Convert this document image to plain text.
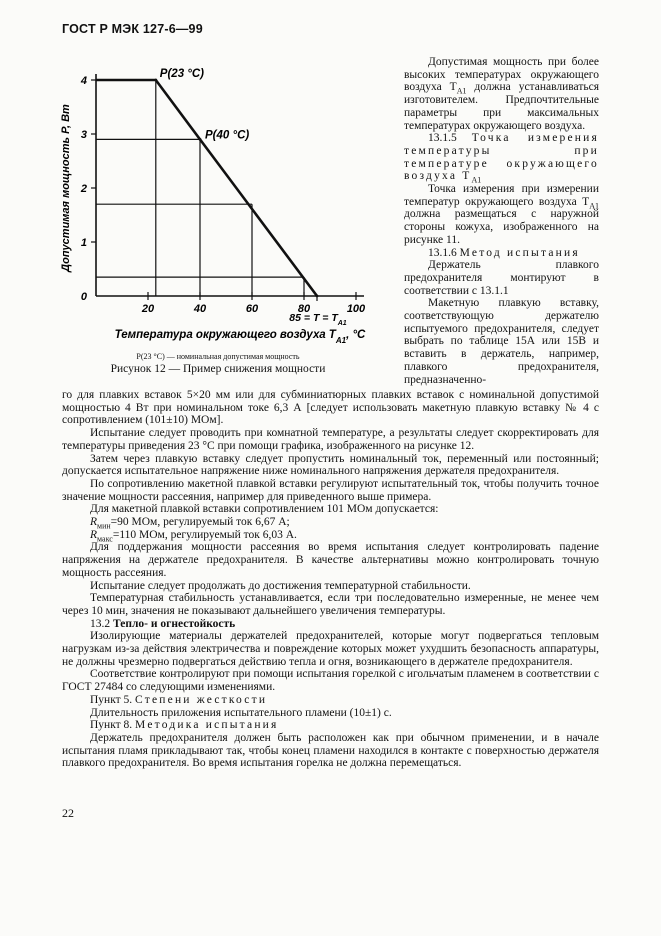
ГОСТ Р МЭК 127-6—99
20	40	60	80	100
1
2
3
4
0
P(23 °C)
P(40 °C)
$85 = T = T_{A1}$
Допустимая мощность P, Вт
Температура окружающего воздуха $T_{A1}$, °C
P(23 °C) — номинальная допустимая мощность
Рисунок 12 — Пример снижения мощности

Допустимая мощность при более высоких температурах окружающего воздуха $T_{A1}$ должна устанавливаться изготовителем. Предпочтительные параметры при максимальных температурах окружающего воздуха.

13.1.5 Точка измерения температуры при температуре окружающего воздуха $T_{A1}$

Точка измерения при измерении температур окружающего воздуха $T_{A1}$ должна размещаться с наружной стороны кожуха, изображенного на рисунке 11.

13.1.6 Метод испытания

Держатель плавкого предохранителя монтируют в соответствии с 13.1.1

Макетную плавкую вставку, соответствующую держателю испытуемого предохранителя, следует выбрать по таблице 15А или 15В и вставить в держатель, например, плавкого предохранителя, предназначенно-

го для плавких вставок 5×20 мм или для субминиатюрных плавких вставок с номинальной допустимой мощностью 4 Вт при номинальном токе 6,3 А [следует использовать макетную плавкую вставку № 4 с сопротивлением (101±10) МОм].

Испытание следует проводить при комнатной температуре, а результаты следует скорректировать для температуры приведения 23 °С при помощи графика, изображенного на рисунке 12.

Затем через плавкую вставку следует пропустить номинальный ток, переменный или постоянный; допускается испытательное напряжение ниже номинального напряжения держателя предохранителя.

По сопротивлению макетной плавкой вставки регулируют испытательный ток, чтобы получить точное значение мощности рассеяния, например для приведенного выше примера.

Для макетной плавкой вставки сопротивлением 101 МОм допускается:

$R_{мин}=90$ МОм, регулируемый ток 6,67 А;

$R_{макс}=110$ МОм, регулируемый ток 6,03 А.

Для поддержания мощности рассеяния во время испытания следует контролировать падение напряжения на держателе предохранителя. В качестве альтернативы можно контролировать точную мощность рассеяния.

Испытание следует продолжать до достижения температурной стабильности.

Температурная стабильность устанавливается, если три последовательно измеренные, не менее чем через 10 мин, значения не показывают дальнейшего увеличения температуры.

13.2 Тепло- и огнестойкость

Изолирующие материалы держателей предохранителей, которые могут подвергаться тепловым нагрузкам из-за действия электричества и повреждение которых может ухудшить безопасность аппаратуры, не должны чрезмерно подвергаться действию тепла и огня, возникающего в держателе предохранителя.

Соответствие контролируют при помощи испытания горелкой с игольчатым пламенем в соответствии с ГОСТ 27484 со следующими изменениями.

Пункт 5. Степени жесткости

Длительность приложения испытательного пламени (10±1) с.

Пункт 8. Методика испытания

Держатель предохранителя должен быть расположен как при обычном применении, и в начале испытания пламя прикладывают так, чтобы конец пламени находился в контакте с поверхностью держателя плавкого предохранителя. Во время испытания горелка не должна перемещаться.

22
